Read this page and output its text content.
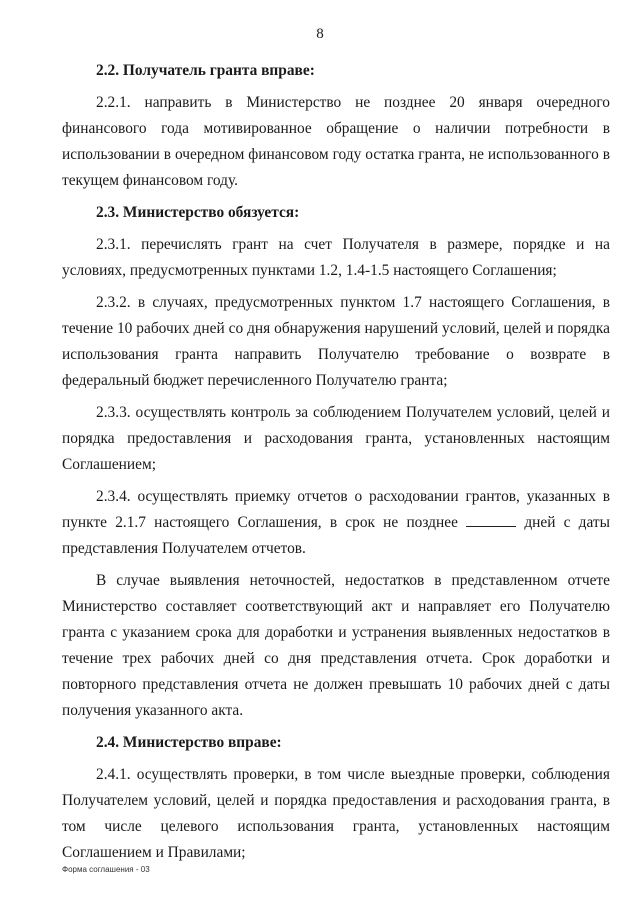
8

2.2. Получатель гранта вправе:

2.2.1. направить в Министерство не позднее 20 января очередного финансового года мотивированное обращение о наличии потребности в использовании в очередном финансовом году остатка гранта, не использованного в текущем финансовом году.

2.3. Министерство обязуется:

2.3.1. перечислять грант на счет Получателя в размере, порядке и на условиях, предусмотренных пунктами 1.2, 1.4-1.5 настоящего Соглашения;

2.3.2. в случаях, предусмотренных пунктом 1.7 настоящего Соглашения, в течение 10 рабочих дней со дня обнаружения нарушений условий, целей и порядка использования гранта направить Получателю требование о возврате в федеральный бюджет перечисленного Получателю гранта;

2.3.3. осуществлять контроль за соблюдением Получателем условий, целей и порядка предоставления и расходования гранта, установленных настоящим Соглашением;

2.3.4. осуществлять приемку отчетов о расходовании грантов, указанных в пункте 2.1.7 настоящего Соглашения, в срок не позднее	дней с даты представления Получателем отчетов.

В случае выявления неточностей, недостатков в представленном отчете Министерство составляет соответствующий акт и направляет его Получателю гранта с указанием срока для доработки и устранения выявленных недостатков в течение трех рабочих дней со дня представления отчета. Срок доработки и повторного представления отчета не должен превышать 10 рабочих дней с даты получения указанного акта.

2.4. Министерство вправе:

2.4.1. осуществлять проверки, в том числе выездные проверки, соблюдения Получателем условий, целей и порядка предоставления и расходования гранта, в том числе целевого использования гранта, установленных настоящим Соглашением и Правилами;

Форма соглашения - 03
